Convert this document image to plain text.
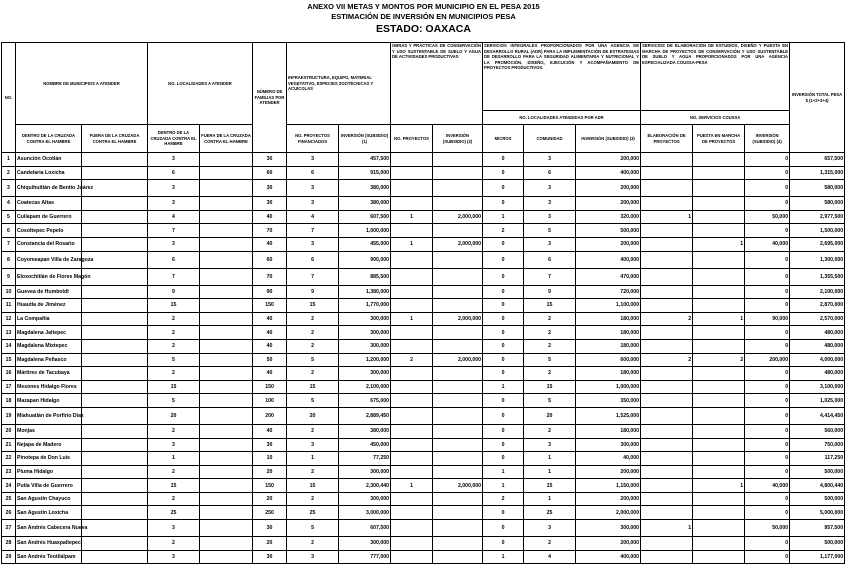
ANEXO VII METAS Y MONTOS POR MUNICIPIO EN EL PESA 2015
ESTIMACIÓN DE INVERSIÓN EN MUNICIPIOS PESA
ESTADO: OAXACA
NO.	NOMBRE DE MUNICIPIOS A ATENDER		NO. LOCALIDADES A ATENDER		NÚMERO DE FAMILIAS POR ATENDER	INFRAESTRUCTURA, EQUIPO, MATERIAL VEGETATIVO, ESPECIES ZOOTÉCNICAS Y ACUÍCOLAS		OBRAS Y PRÁCTICAS DE CONSERVACIÓN Y USO SUSTENTABLE DE SUELO Y AGUA DE ACTIVIDADES PRODUCTIVAS		SERVICIOS INTEGRALES PROPORCIONADOS POR UNA AGENCIA DE DESARROLLO RURAL (ADR) PARA LA IMPLEMENTACIÓN DE ESTRATEGIAS DE DESARROLLO PARA LA SEGURIDAD ALIMENTARIA Y NUTRICIONAL Y LA PROMOCIÓN, DISEÑO, EJECUCIÓN Y ACOMPAÑAMIENTO DE PROYECTOS PRODUCTIVOS.			SERVICIOS DE ELABORACIÓN DE ESTUDIOS, DISEÑO Y PUESTA EN MARCHA DE PROYECTOS DE CONSERVACIÓN Y USO SUSTENTABLE DE SUELO Y AGUA PROPORCIONADOS POR UNA AGENCIA ESPECIALIZADA COUSSA-PESA			INVERSIÓN TOTAL PESA $ (1+2+3+4)
										NO. LOCALIDADES ATENDIDAS POR ADR			NO. SERVICIOS COUSSA			
	DENTRO DE LA CRUZADA CONTRA EL HAMBRE	FUERA DE LA CRUZADA CONTRA EL HAMBRE	DENTRO DE LA CRUZADA CONTRA EL HAMBRE	FUERA DE LA CRUZADA CONTRA EL HAMBRE		NO. PROYECTOS FINANCIADOS	INVERSIÓN (SUBSIDIO) (1)	NO. PROYECTOS	INVERSIÓN (SUBSIDIO) (2)	MICROS	COMUNIDAD	INVERSIÓN (SUBSIDIO) (3)	ELABORACIÓN DE PROYECTOS	PUESTA EN MARCHA DE PROYECTOS	INVERSIÓN (SUBSIDIO) (4)	
1	Asunción Ocotlán		3		30	3	457,500			0	3	200,000			0	657,500
2	Candelaria Loxicha		6		60	6	915,000			0	6	400,000			0	1,315,000
3	Chiquihuitlán de Benito Juárez		3		30	3	380,000			0	3	200,000			0	580,000
4	Coatecas Altas		3		30	3	380,000			0	3	200,000			0	580,000
5	Cuilapam de Guerrero		4		40	4	607,500	1	2,000,000	1	3	320,000	1		50,000	2,977,500
6	Cosoltepec Pepelo		7		70	7	1,000,000			2	5	500,000			0	1,500,000
7	Constancia del Rosario		3		40	3	455,000	1	2,000,000	0	3	200,000		1	40,000	2,695,000
8	Coyomeapan Villa de Zaragoza		6		60	6	900,000			0	6	400,000			0	1,300,000
9	Eloxochitlán de Flores Magón		7		70	7	885,500			0	7	470,000			0	1,355,500
10	Guevea de Humboldt		9		90	9	1,380,000			0	9	720,000			0	2,100,000
11	Huautla de Jiménez		15		150	15	1,770,000			0	15	1,100,000			0	2,870,000
12	La Compañía		2		40	2	300,000	1	2,000,000	0	2	180,000	2	1	90,000	2,570,000
13	Magdalena Jaltepec		2		40	2	300,000			0	2	180,000			0	480,000
14	Magdalena Mixtepec		2		40	2	300,000			0	2	180,000			0	480,000
15	Magdalena Peñasco		5		50	5	1,200,000	2	2,000,000	0	5	600,000	2	2	200,000	4,000,000
16	Mártires de Tacubaya		2		40	2	300,000			0	2	180,000			0	480,000
17	Mesones Hidalgo Flores		15		150	15	2,100,000			1	15	1,000,000			0	3,100,000
18	Mazapan Hidalgo		5		100	5	675,000			0	5	350,000			0	1,025,000
19	Miahuatlán de Porfirio Díaz		20		200	20	2,889,450			0	20	1,525,000			0	4,414,450
20	Monjas		2		40	2	380,000			0	2	180,000			0	560,000
21	Nejapa de Madero		3		30	3	450,000			0	3	300,000			0	750,000
22	Pinotepa de Don Luis		1		10	1	77,250			0	1	40,000			0	117,250
23	Pluma Hidalgo		2		20	2	300,000			1	1	200,000			0	500,000
24	Putla Villa de Guerrero		15		150	15	2,300,440	1	2,000,000	1	15	1,150,000		1	40,000	4,800,440
25	San Agustín Chayuco		2		20	2	300,000			2	1	200,000			0	500,000
26	San Agustín Loxicha		25		250	25	3,000,000			0	25	2,000,000			0	5,000,000
27	San Andrés Cabecera Nueva		3		30	5	607,500			0	3	300,000	1		50,000	957,500
28	San Andrés Huaxpaltepec		2		20	2	300,000			0	2	200,000			0	500,000
29	San Andrés Teotilálpam		3		30	3	777,000			1	4	400,000			0	1,177,000
